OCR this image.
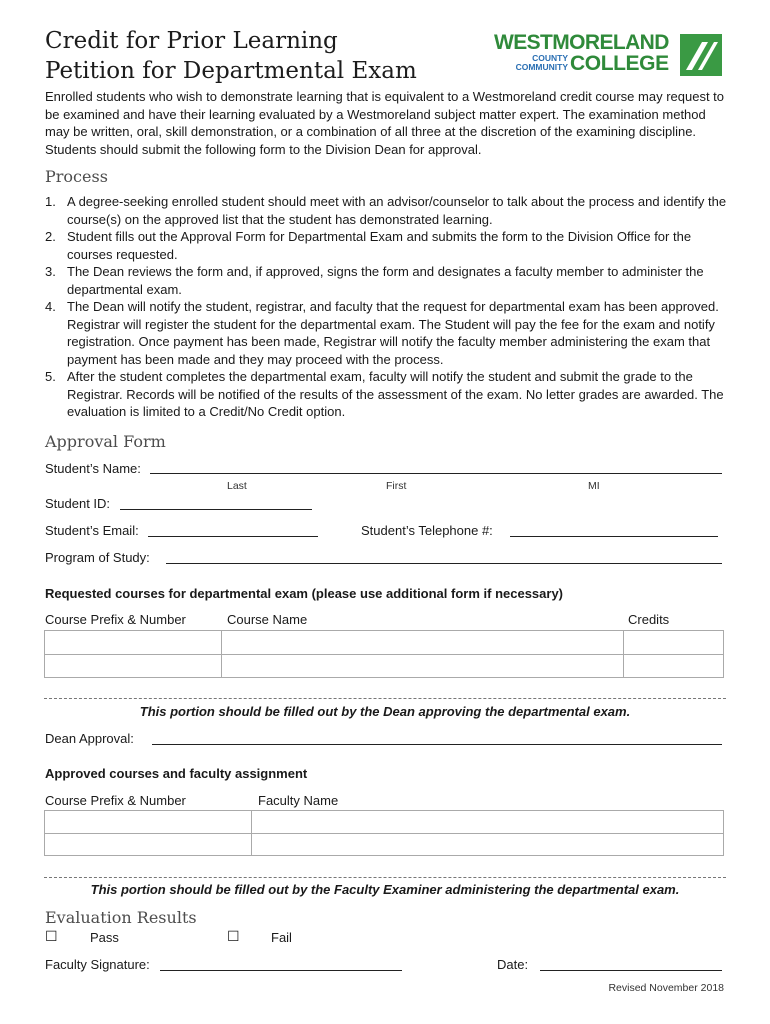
Credit for Prior Learning
Petition for Departmental Exam
WESTMORELAND
COUNTY
COMMUNITY COLLEGE
Enrolled students who wish to demonstrate learning that is equivalent to a Westmoreland credit course may request to be examined and have their learning evaluated by a Westmoreland subject matter expert. The examination method may be written, oral, skill demonstration, or a combination of all three at the discretion of the examining discipline. Students should submit the following form to the Division Dean for approval.
Process
1. A degree-seeking enrolled student should meet with an advisor/counselor to talk about the process and identify the course(s) on the approved list that the student has demonstrated learning.
2. Student fills out the Approval Form for Departmental Exam and submits the form to the Division Office for the courses requested.
3. The Dean reviews the form and, if approved, signs the form and designates a faculty member to administer the departmental exam.
4. The Dean will notify the student, registrar, and faculty that the request for departmental exam has been approved. Registrar will register the student for the departmental exam. The Student will pay the fee for the exam and notify registration. Once payment has been made, Registrar will notify the faculty member administering the exam that payment has been made and they may proceed with the process.
5. After the student completes the departmental exam, faculty will notify the student and submit the grade to the Registrar. Records will be notified of the results of the assessment of the exam. No letter grades are awarded. The evaluation is limited to a Credit/No Credit option.
Approval Form
Student’s Name:
Last	First	MI
Student ID:
Student’s Email:	Student’s Telephone #:
Program of Study:
Requested courses for departmental exam (please use additional form if necessary)
Course Prefix & Number	Course Name	Credits
This portion should be filled out by the Dean approving the departmental exam.
Dean Approval:
Approved courses and faculty assignment
Course Prefix & Number	Faculty Name
This portion should be filled out by the Faculty Examiner administering the departmental exam.
Evaluation Results
☐ Pass	☐ Fail
Faculty Signature:	Date:
Revised November 2018
